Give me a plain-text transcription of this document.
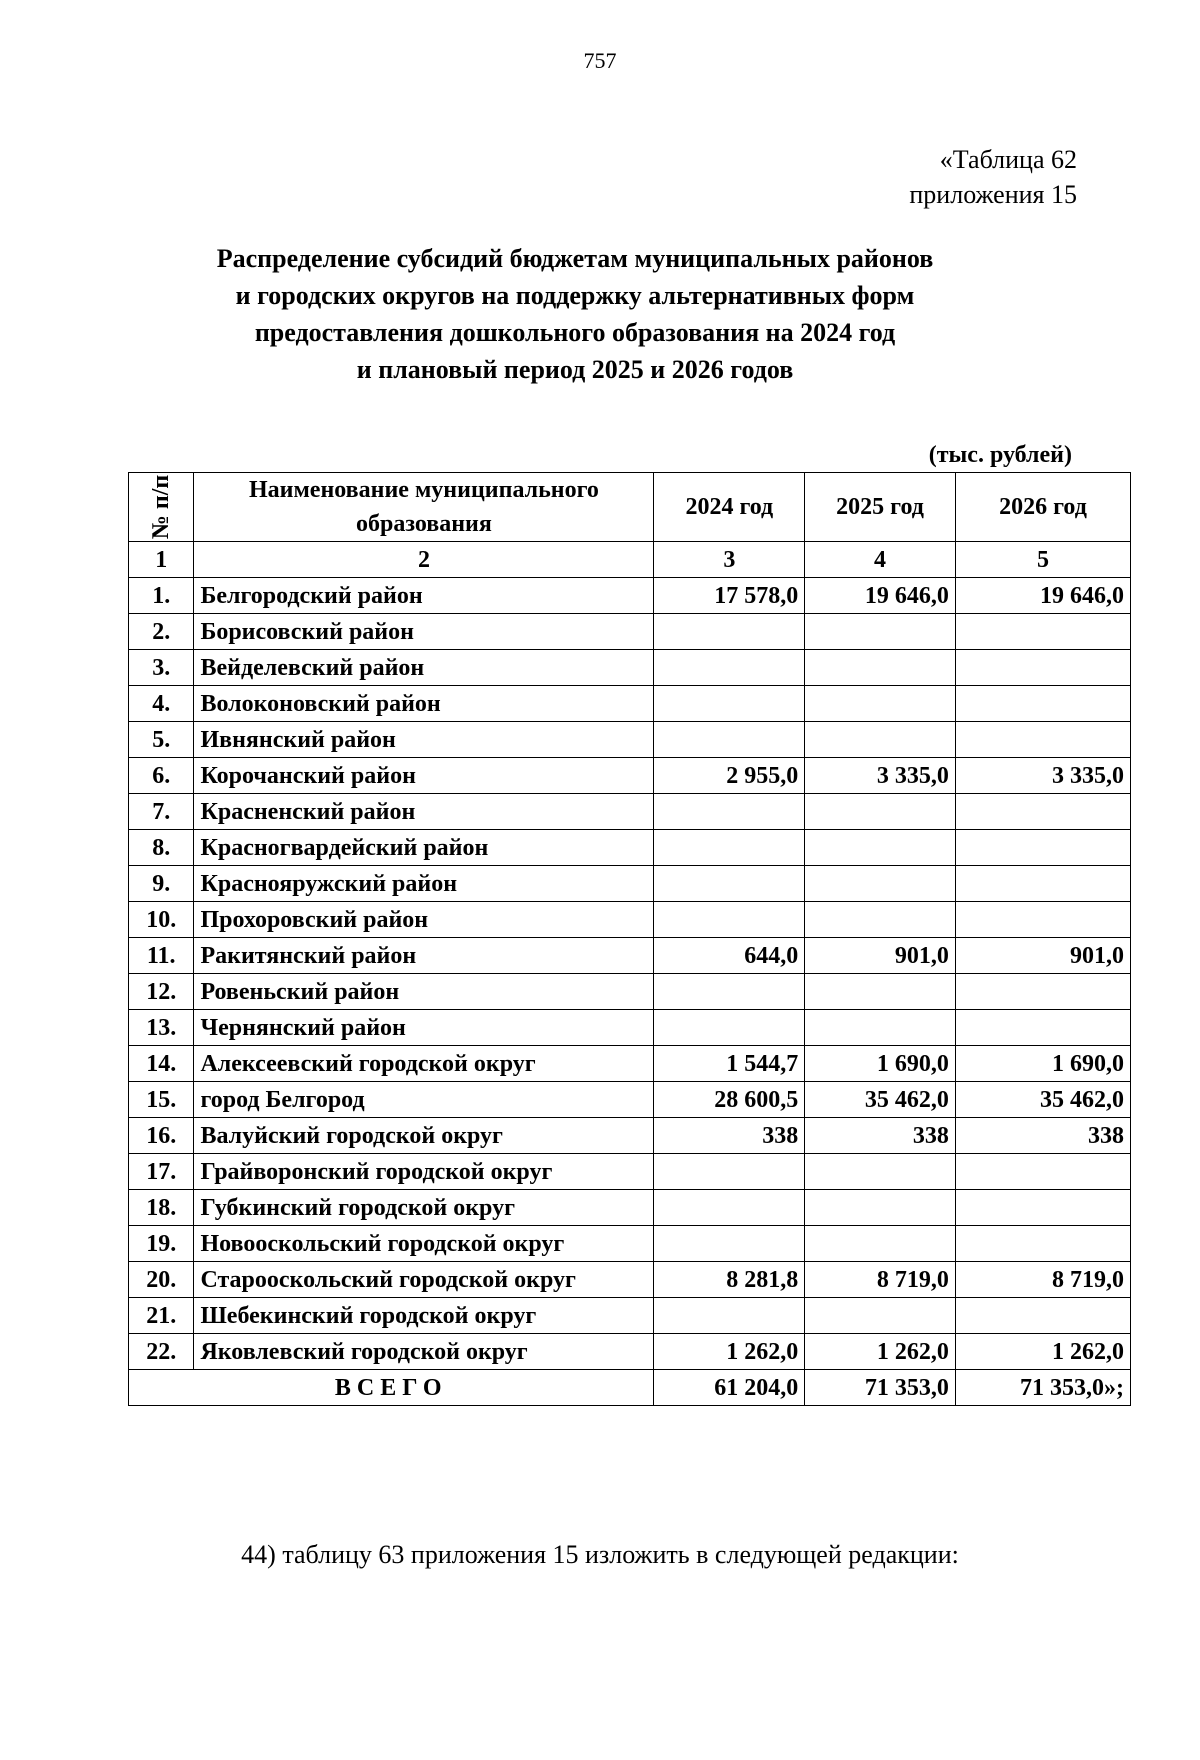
757
«Таблица 62
приложения 15
Распределение субсидий бюджетам муниципальных районов
и городских округов на поддержку альтернативных форм
предоставления дошкольного образования на 2024 год
и плановый период 2025 и 2026 годов
(тыс. рублей)
№ п/п	Наименование муниципального образования	2024 год	2025 год	2026 год
1	2	3	4	5
1.	Белгородский район	17 578,0	19 646,0	19 646,0
2.	Борисовский район			
3.	Вейделевский район			
4.	Волоконовский район			
5.	Ивнянский район			
6.	Корочанский район	2 955,0	3 335,0	3 335,0
7.	Красненский район			
8.	Красногвардейский район			
9.	Краснояружский район			
10.	Прохоровский район			
11.	Ракитянский район	644,0	901,0	901,0
12.	Ровеньский район			
13.	Чернянский район			
14.	Алексеевский городской округ	1 544,7	1 690,0	1 690,0
15.	город Белгород	28 600,5	35 462,0	35 462,0
16.	Валуйский городской округ	338	338	338
17.	Грайворонский городской округ			
18.	Губкинский городской округ			
19.	Новооскольский городской округ			
20.	Старооскольский городской округ	8 281,8	8 719,0	8 719,0
21.	Шебекинский городской округ			
22.	Яковлевский городской округ	1 262,0	1 262,0	1 262,0
ВСЕГО		61 204,0	71 353,0	71 353,0»;
44) таблицу 63 приложения 15 изложить в следующей редакции:
